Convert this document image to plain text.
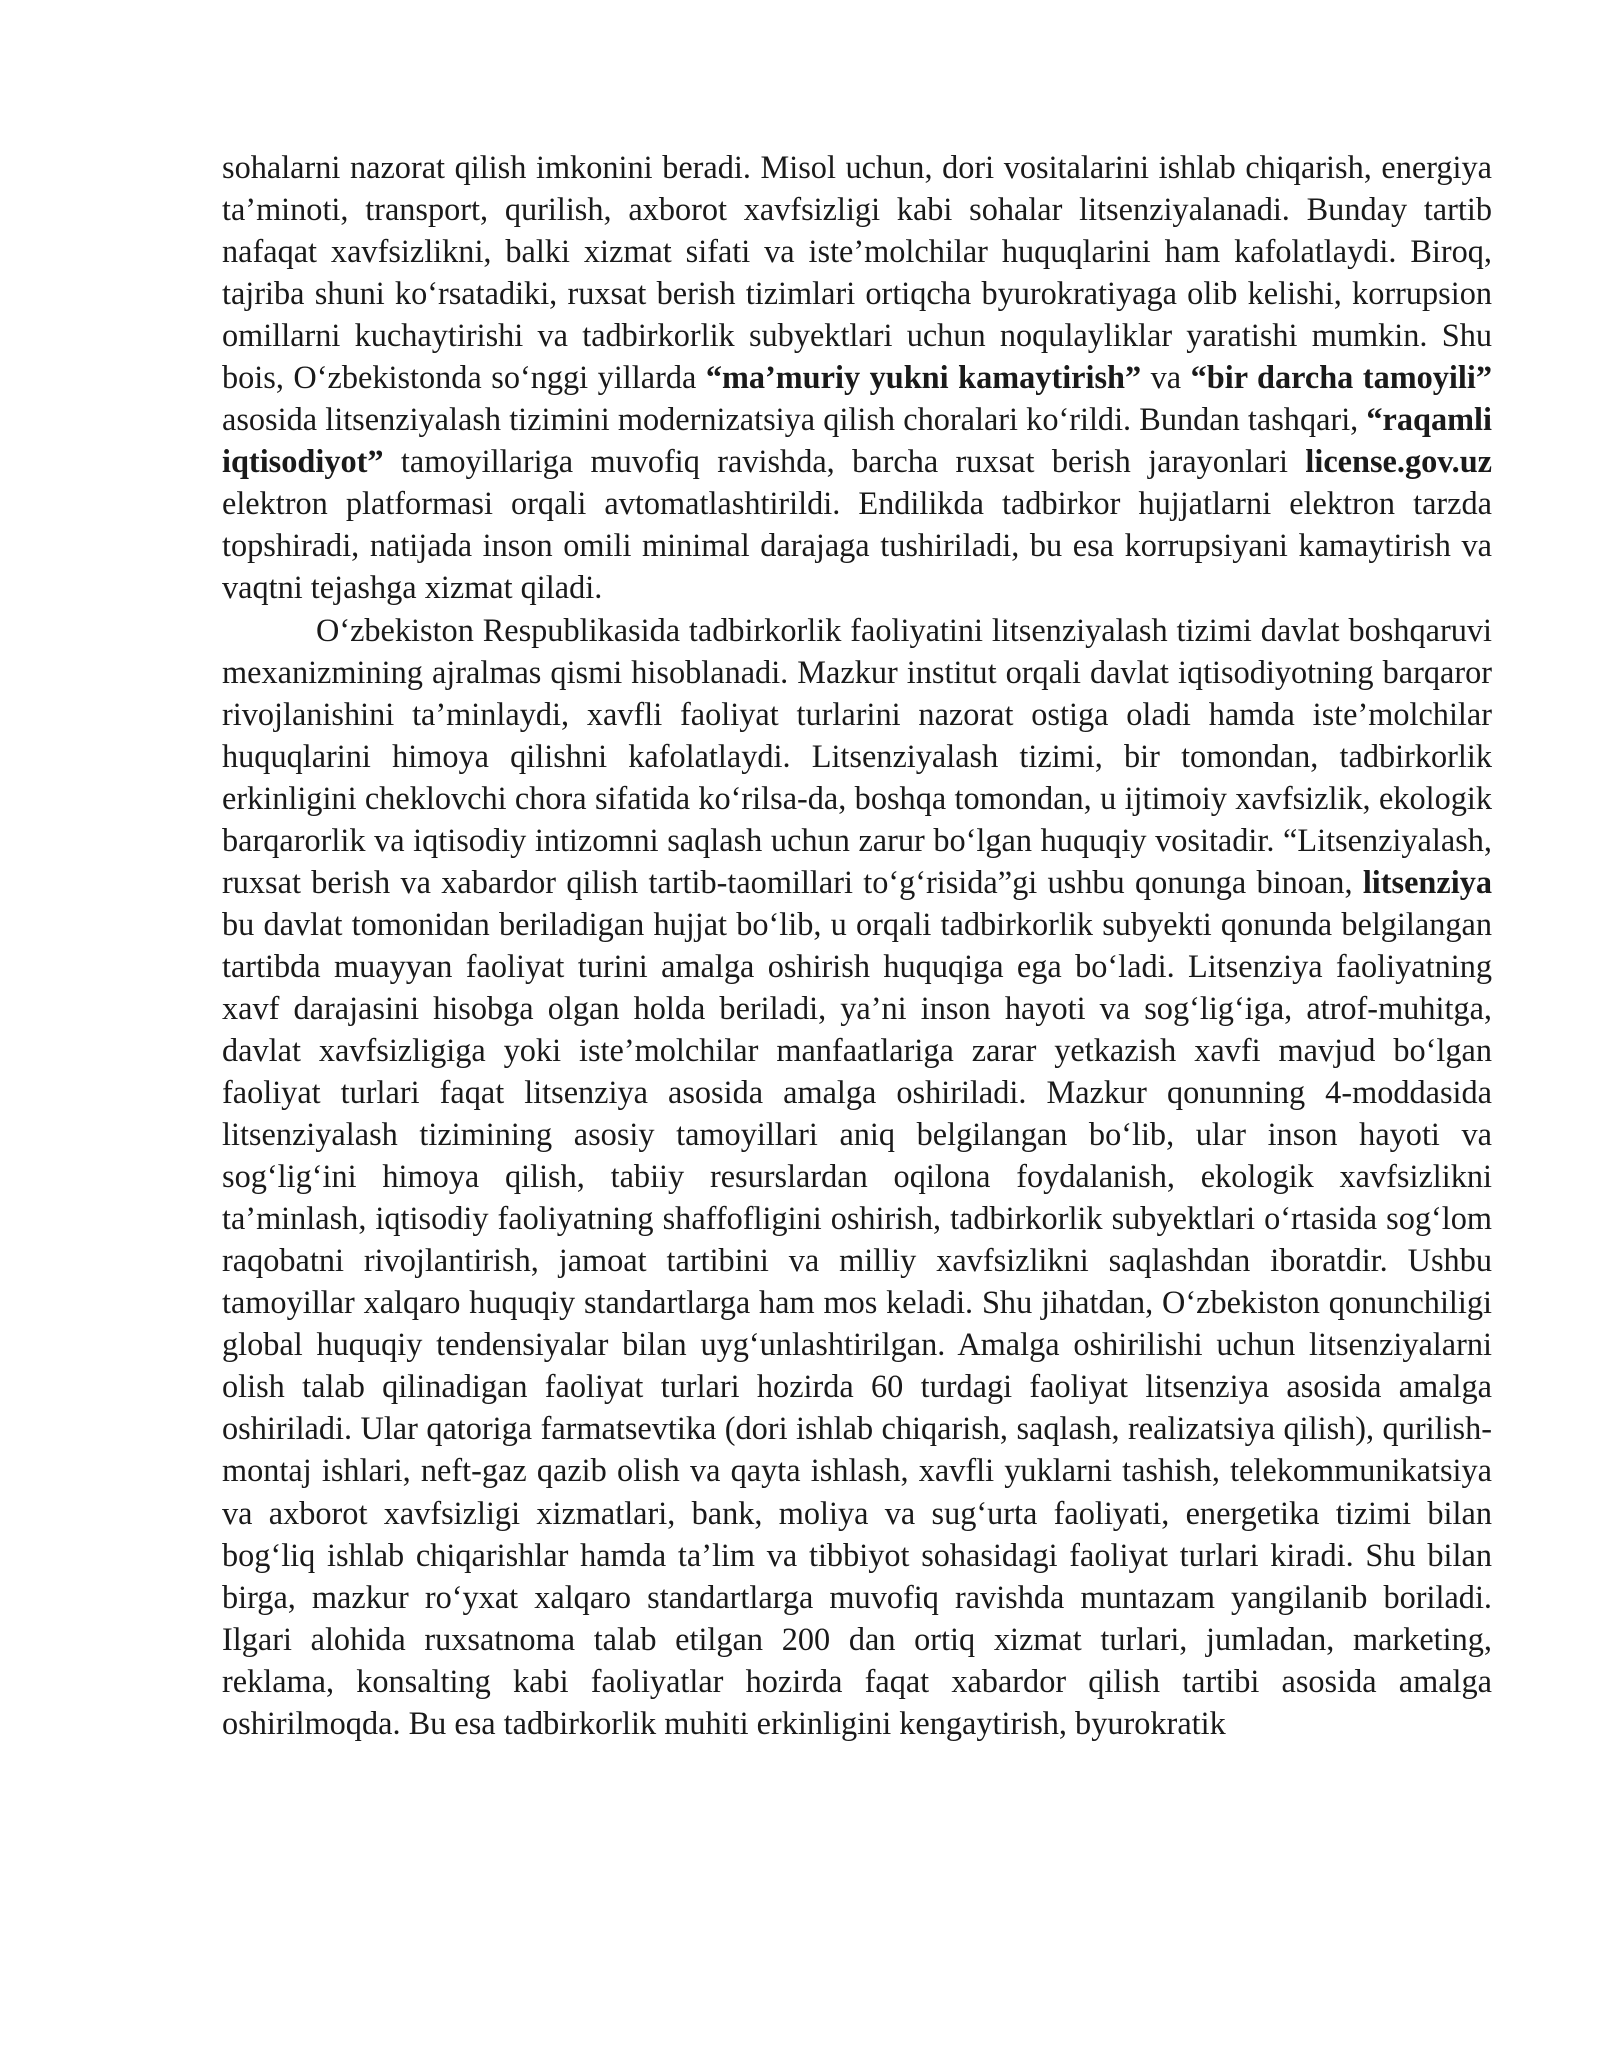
sohalarni nazorat qilish imkonini beradi. Misol uchun, dori vositalarini ishlab chiqarish, energiya ta’minoti, transport, qurilish, axborot xavfsizligi kabi sohalar litsenziyalanadi. Bunday tartib nafaqat xavfsizlikni, balki xizmat sifati va iste’molchilar huquqlarini ham kafolatlaydi. Biroq, tajriba shuni ko‘rsatadiki, ruxsat berish tizimlari ortiqcha byurokratiyaga olib kelishi, korrupsion omillarni kuchaytirishi va tadbirkorlik subyektlari uchun noqulayliklar yaratishi mumkin. Shu bois, O‘zbekistonda so‘nggi yillarda “ma’muriy yukni kamaytirish” va “bir darcha tamoyili” asosida litsenziyalash tizimini modernizatsiya qilish choralari ko‘rildi. Bundan tashqari, “raqamli iqtisodiyot” tamoyillariga muvofiq ravishda, barcha ruxsat berish jarayonlari license.gov.uz elektron platformasi orqali avtomatlashtirildi. Endilikda tadbirkor hujjatlarni elektron tarzda topshiradi, natijada inson omili minimal darajaga tushiriladi, bu esa korrupsiyani kamaytirish va vaqtni tejashga xizmat qiladi.

O‘zbekiston Respublikasida tadbirkorlik faoliyatini litsenziyalash tizimi davlat boshqaruvi mexanizmining ajralmas qismi hisoblanadi. Mazkur institut orqali davlat iqtisodiyotning barqaror rivojlanishini ta’minlaydi, xavfli faoliyat turlarini nazorat ostiga oladi hamda iste’molchilar huquqlarini himoya qilishni kafolatlaydi. Litsenziyalash tizimi, bir tomondan, tadbirkorlik erkinligini cheklovchi chora sifatida ko‘rilsa-da, boshqa tomondan, u ijtimoiy xavfsizlik, ekologik barqarorlik va iqtisodiy intizomni saqlash uchun zarur bo‘lgan huquqiy vositadir. “Litsenziyalash, ruxsat berish va xabardor qilish tartib-taomillari to‘g‘risida”gi ushbu qonunga binoan, litsenziya bu davlat tomonidan beriladigan hujjat bo‘lib, u orqali tadbirkorlik subyekti qonunda belgilangan tartibda muayyan faoliyat turini amalga oshirish huquqiga ega bo‘ladi. Litsenziya faoliyatning xavf darajasini hisobga olgan holda beriladi, ya’ni inson hayoti va sog‘lig‘iga, atrof-muhitga, davlat xavfsizligiga yoki iste’molchilar manfaatlariga zarar yetkazish xavfi mavjud bo‘lgan faoliyat turlari faqat litsenziya asosida amalga oshiriladi. Mazkur qonunning 4-moddasida litsenziyalash tizimining asosiy tamoyillari aniq belgilangan bo‘lib, ular inson hayoti va sog‘lig‘ini himoya qilish, tabiiy resurslardan oqilona foydalanish, ekologik xavfsizlikni ta’minlash, iqtisodiy faoliyatning shaffofligini oshirish, tadbirkorlik subyektlari o‘rtasida sog‘lom raqobatni rivojlantirish, jamoat tartibini va milliy xavfsizlikni saqlashdan iboratdir. Ushbu tamoyillar xalqaro huquqiy standartlarga ham mos keladi. Shu jihatdan, O‘zbekiston qonunchiligi global huquqiy tendensiyalar bilan uyg‘unlashtirilgan. Amalga oshirilishi uchun litsenziyalarni olish talab qilinadigan faoliyat turlari hozirda 60 turdagi faoliyat litsenziya asosida amalga oshiriladi. Ular qatoriga farmatsevtika (dori ishlab chiqarish, saqlash, realizatsiya qilish), qurilish-montaj ishlari, neft-gaz qazib olish va qayta ishlash, xavfli yuklarni tashish, telekommunikatsiya va axborot xavfsizligi xizmatlari, bank, moliya va sug‘urta faoliyati, energetika tizimi bilan bog‘liq ishlab chiqarishlar hamda ta’lim va tibbiyot sohasidagi faoliyat turlari kiradi. Shu bilan birga, mazkur ro‘yxat xalqaro standartlarga muvofiq ravishda muntazam yangilanib boriladi. Ilgari alohida ruxsatnoma talab etilgan 200 dan ortiq xizmat turlari, jumladan, marketing, reklama, konsalting kabi faoliyatlar hozirda faqat xabardor qilish tartibi asosida amalga oshirilmoqda. Bu esa tadbirkorlik muhiti erkinligini kengaytirish, byurokratik
